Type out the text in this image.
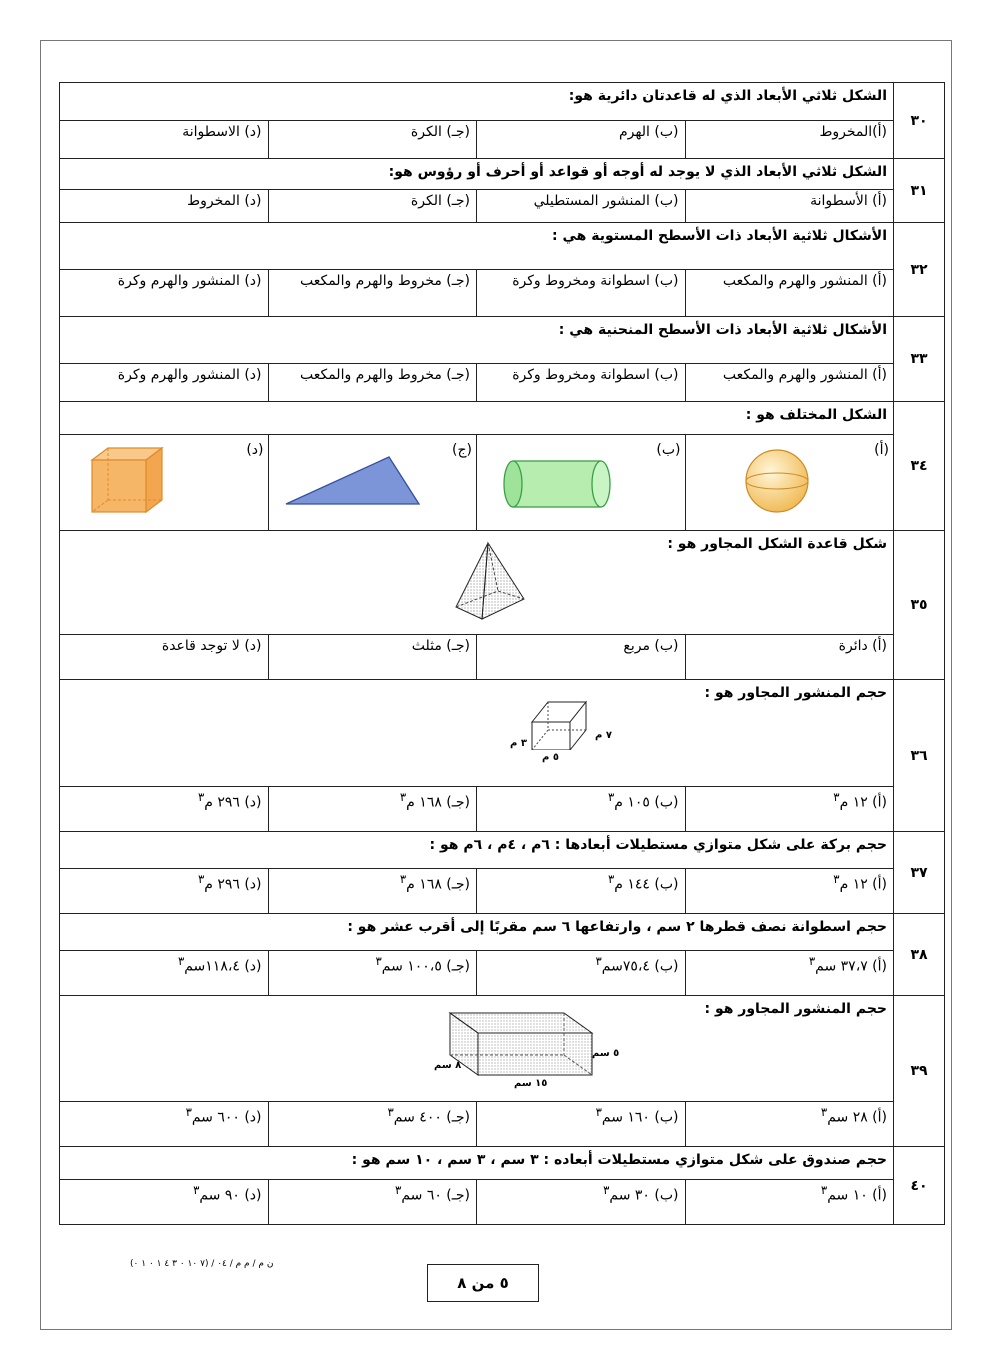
٣٠	الشكل ثلاثي الأبعاد الذي له قاعدتان دائرية هو:			
	(أ)المخروط	(ب) الهرم	(جـ) الكرة	(د) الاسطوانة
٣١	الشكل ثلاثي الأبعاد الذي لا يوجد له أوجه أو قواعد أو أحرف أو رؤوس هو:			
	(أ) الأسطوانة	(ب) المنشور المستطيلي	(جـ) الكرة	(د) المخروط
٣٢	الأشكال ثلاثية الأبعاد ذات الأسطح المستوية هي :			
	(أ) المنشور والهرم والمكعب	(ب) اسطوانة ومخروط وكرة	(جـ) مخروط والهرم والمكعب	(د) المنشور والهرم وكرة
٣٣	الأشكال ثلاثية الأبعاد ذات الأسطح المنحنية هي :			
	(أ) المنشور والهرم والمكعب	(ب) اسطوانة ومخروط وكرة	(جـ) مخروط والهرم والمكعب	(د) المنشور والهرم وكرة
٣٤	الشكل المختلف هو :			

	(أ)	(ب)	(ج)	(د)

٣٥	شكل قاعدة الشكل المجاور هو :			

	(أ) دائرة	(ب) مربع	(جـ) مثلث	(د) لا توجد قاعدة
٣٦	حجم المنشور المجاور هو :
٣ م
٧ م
٥ م			

	(أ) ١٢ م$^٣$	(ب) ١٠٥ م$^٣$	(جـ) ١٦٨ م$^٣$	(د) ٢٩٦ م$^٣$
٣٧	حجم بركة على شكل متوازي مستطيلات أبعادها : ٦م ، ٤م ، ٦م هو :			
	(أ) ١٢ م$^٣$	(ب) ١٤٤ م$^٣$	(جـ) ١٦٨ م$^٣$	(د) ٢٩٦ م$^٣$
٣٨	حجم اسطوانة نصف قطرها ٢ سم ، وارتفاعها ٦ سم مقربًا إلى أقرب عشر هو :			
	(أ) ٣٧،٧ سم$^٣$	(ب) ٧٥،٤سم$^٣$	(جـ) ١٠٠،٥ سم$^٣$	(د) ١١٨،٤سم$^٣$
٣٩	حجم المنشور المجاور هو :
٥ سم
٨ سم
١٥ سم			

	(أ) ٢٨ سم$^٣$	(ب) ١٦٠ سم$^٣$	(جـ) ٤٠٠ سم$^٣$	(د) ٦٠٠ سم$^٣$
٤٠	حجم صندوق على شكل متوازي مستطيلات أبعاده : ٣ سم ، ٣ سم ، ١٠ سم هو :			
	(أ) ١٠ سم$^٣$	(ب) ٣٠ سم$^٣$	(جـ) ٦٠ سم$^٣$	(د) ٩٠ سم$^٣$
ن م / م م / ٠٤ / (٧ ١٠ ٠ ٣ ٤ ١ ٠ ١ ٠)
٥ من ٨
